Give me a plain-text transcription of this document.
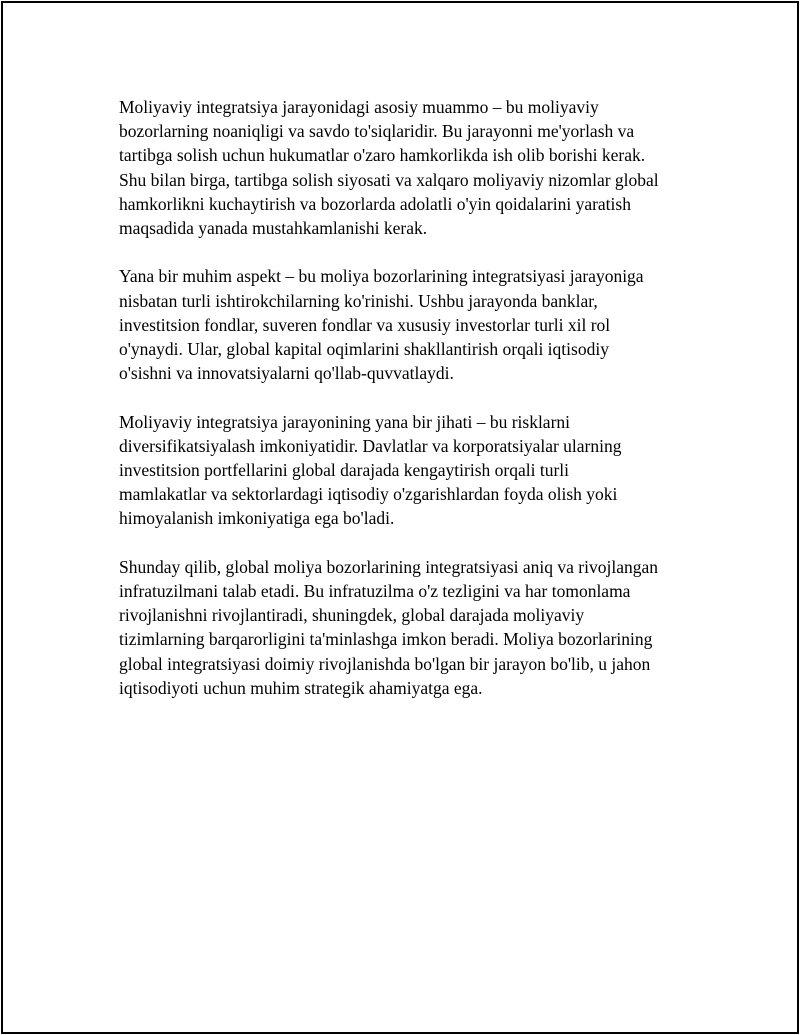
Moliyaviy integratsiya jarayonidagi asosiy muammo – bu moliyaviy
bozorlarning noaniqligi va savdo to'siqlaridir. Bu jarayonni me'yorlash va
tartibga solish uchun hukumatlar o'zaro hamkorlikda ish olib borishi kerak.
Shu bilan birga, tartibga solish siyosati va xalqaro moliyaviy nizomlar global
hamkorlikni kuchaytirish va bozorlarda adolatli o'yin qoidalarini yaratish
maqsadida yanada mustahkamlanishi kerak.

Yana bir muhim aspekt – bu moliya bozorlarining integratsiyasi jarayoniga
nisbatan turli ishtirokchilarning ko'rinishi. Ushbu jarayonda banklar,
investitsion fondlar, suveren fondlar va xususiy investorlar turli xil rol
o'ynaydi. Ular, global kapital oqimlarini shakllantirish orqali iqtisodiy
o'sishni va innovatsiyalarni qo'llab-quvvatlaydi.

Moliyaviy integratsiya jarayonining yana bir jihati – bu risklarni
diversifikatsiyalash imkoniyatidir. Davlatlar va korporatsiyalar ularning
investitsion portfellarini global darajada kengaytirish orqali turli
mamlakatlar va sektorlardagi iqtisodiy o'zgarishlardan foyda olish yoki
himoyalanish imkoniyatiga ega bo'ladi.

Shunday qilib, global moliya bozorlarining integratsiyasi aniq va rivojlangan
infratuzilmani talab etadi. Bu infratuzilma o'z tezligini va har tomonlama
rivojlanishni rivojlantiradi, shuningdek, global darajada moliyaviy
tizimlarning barqarorligini ta'minlashga imkon beradi. Moliya bozorlarining
global integratsiyasi doimiy rivojlanishda bo'lgan bir jarayon bo'lib, u jahon
iqtisodiyoti uchun muhim strategik ahamiyatga ega.
